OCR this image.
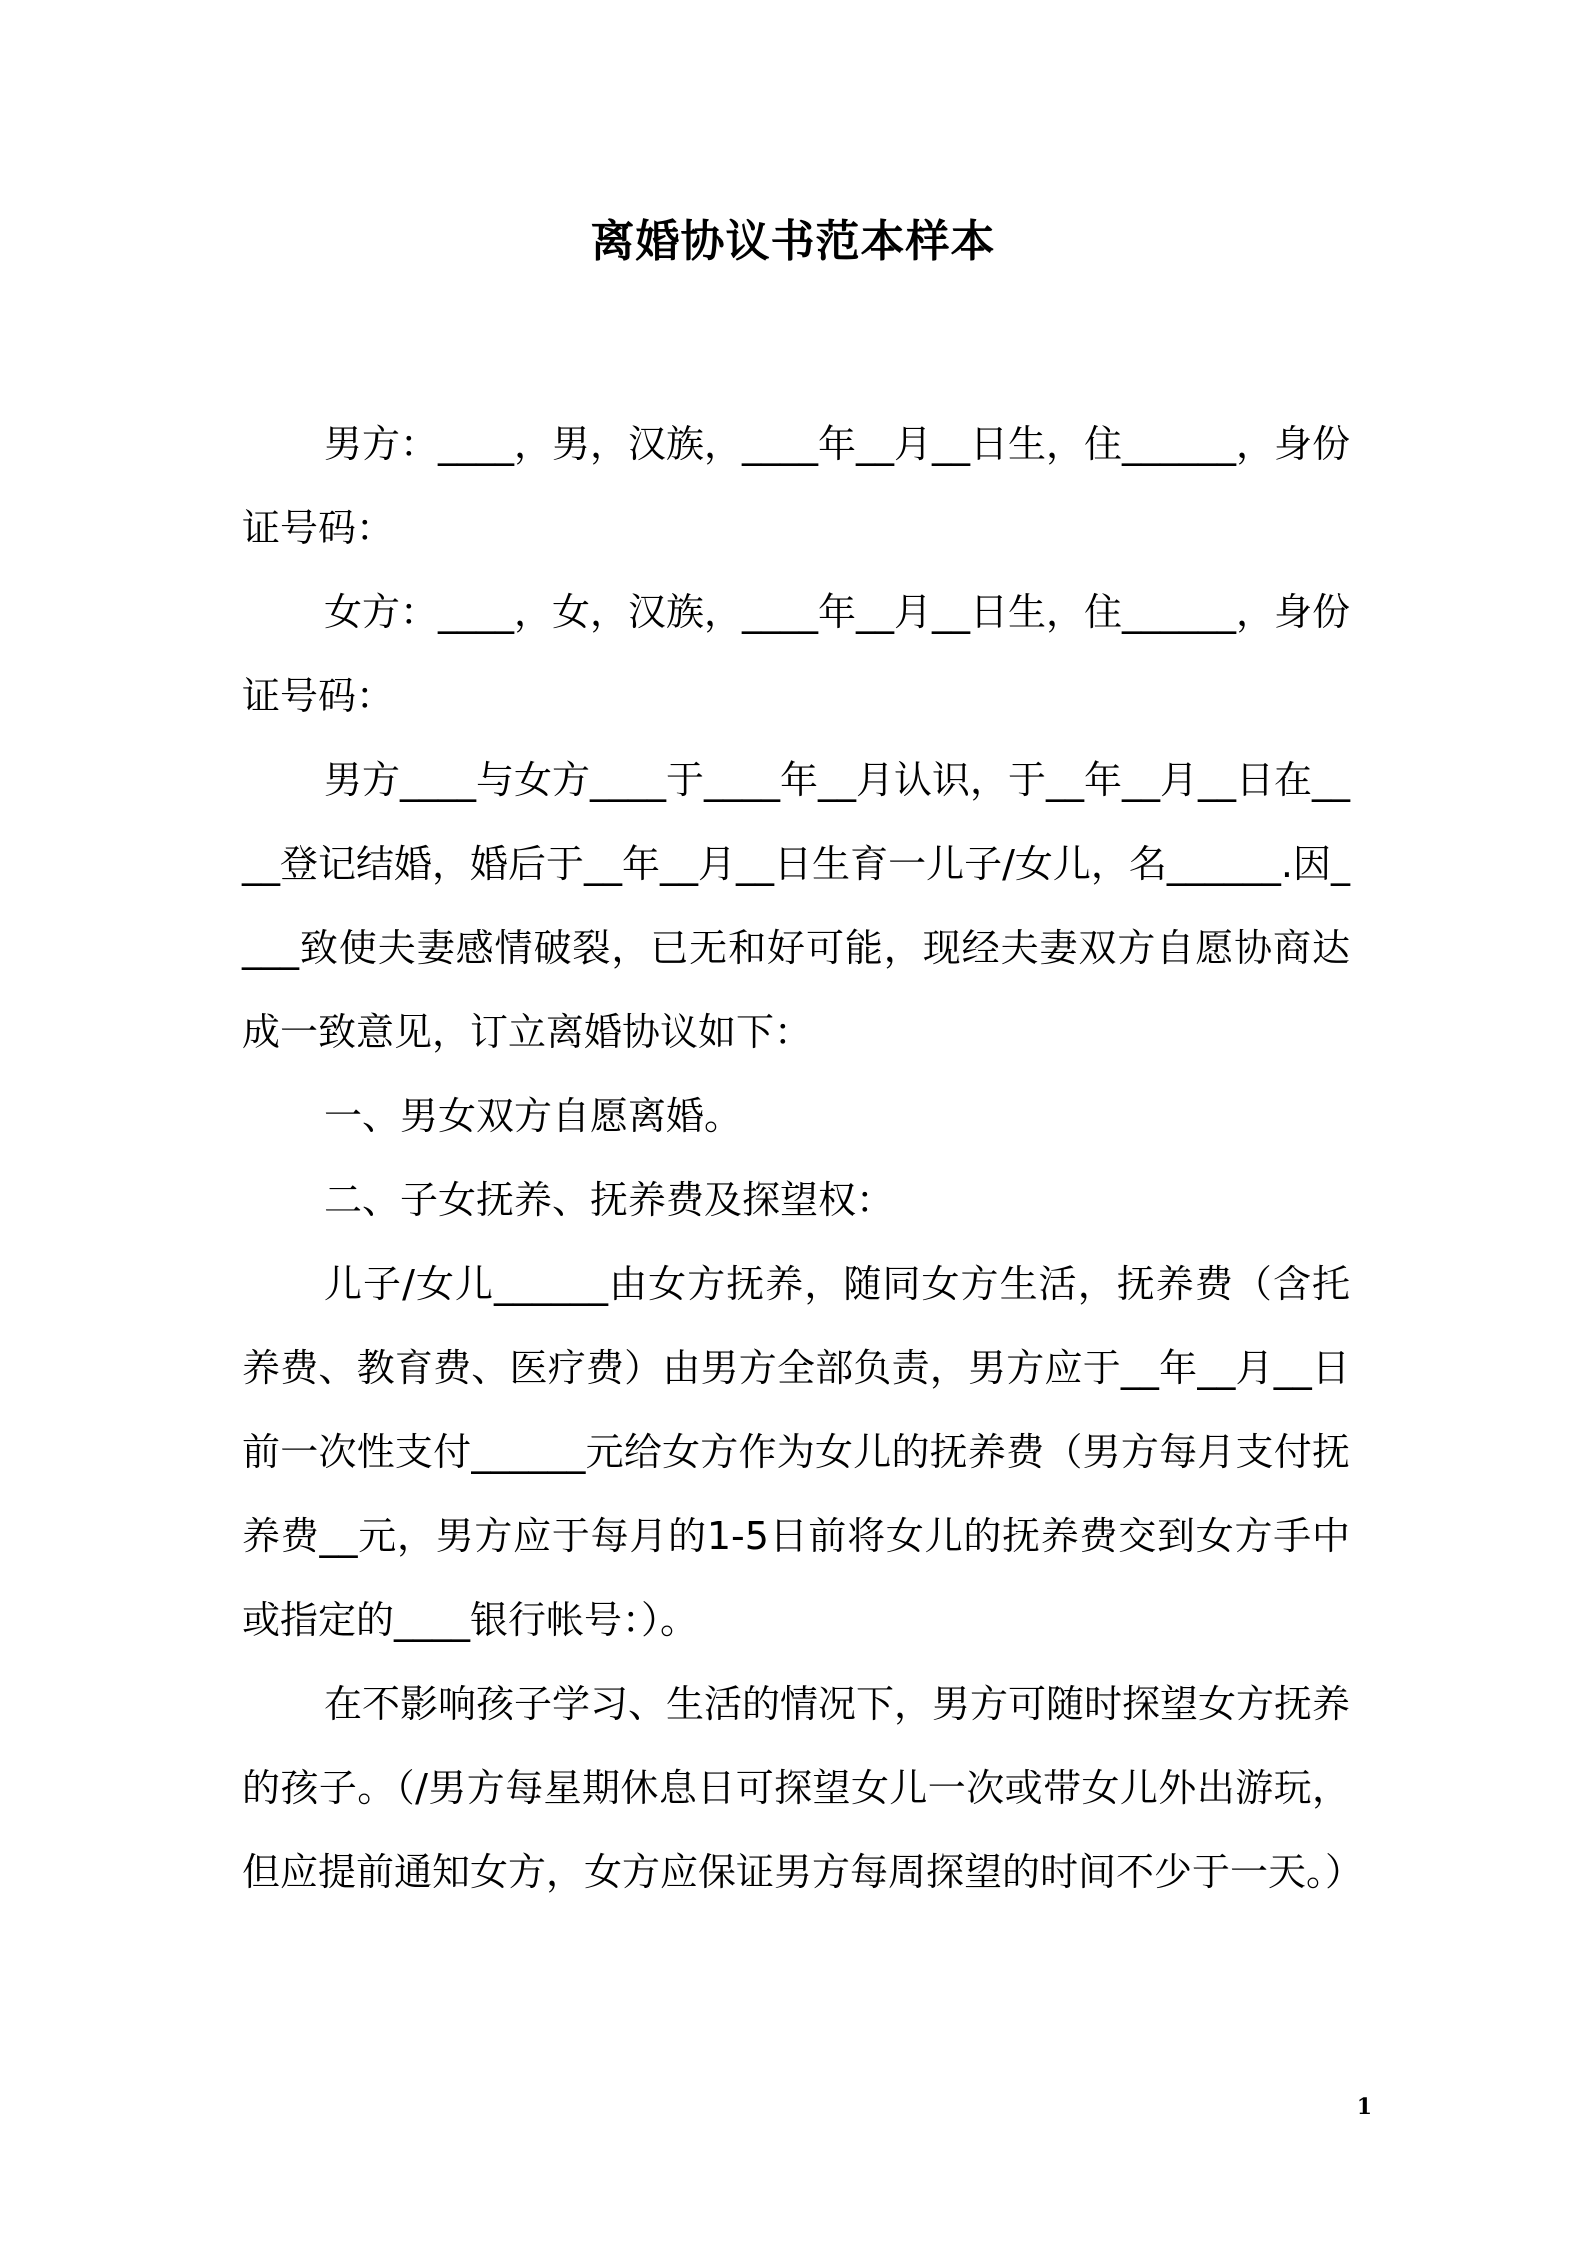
离婚协议书范本样本

男方：____，男，汉族，____年__月__日生，住______，身份证号码：

女方：____，女，汉族，____年__月__日生，住______，身份证号码：

男方____与女方____于____年__月认识，于__年__月__日在____登记结婚，婚后于__年__月__日生育一儿子/女儿，名______.因____致使夫妻感情破裂，已无和好可能，现经夫妻双方自愿协商达成一致意见，订立离婚协议如下：

一、男女双方自愿离婚。

二、子女抚养、抚养费及探望权：

儿子/女儿______由女方抚养，随同女方生活，抚养费（含托养费、教育费、医疗费）由男方全部负责，男方应于__年__月__日前一次性支付______元给女方作为女儿的抚养费（男方每月支付抚养费__元，男方应于每月的1-5日前将女儿的抚养费交到女方手中或指定的____银行帐号：）。

在不影响孩子学习、生活的情况下，男方可随时探望女方抚养的孩子。（/男方每星期休息日可探望女儿一次或带女儿外出游玩，但应提前通知女方，女方应保证男方每周探望的时间不少于一天。）

1
